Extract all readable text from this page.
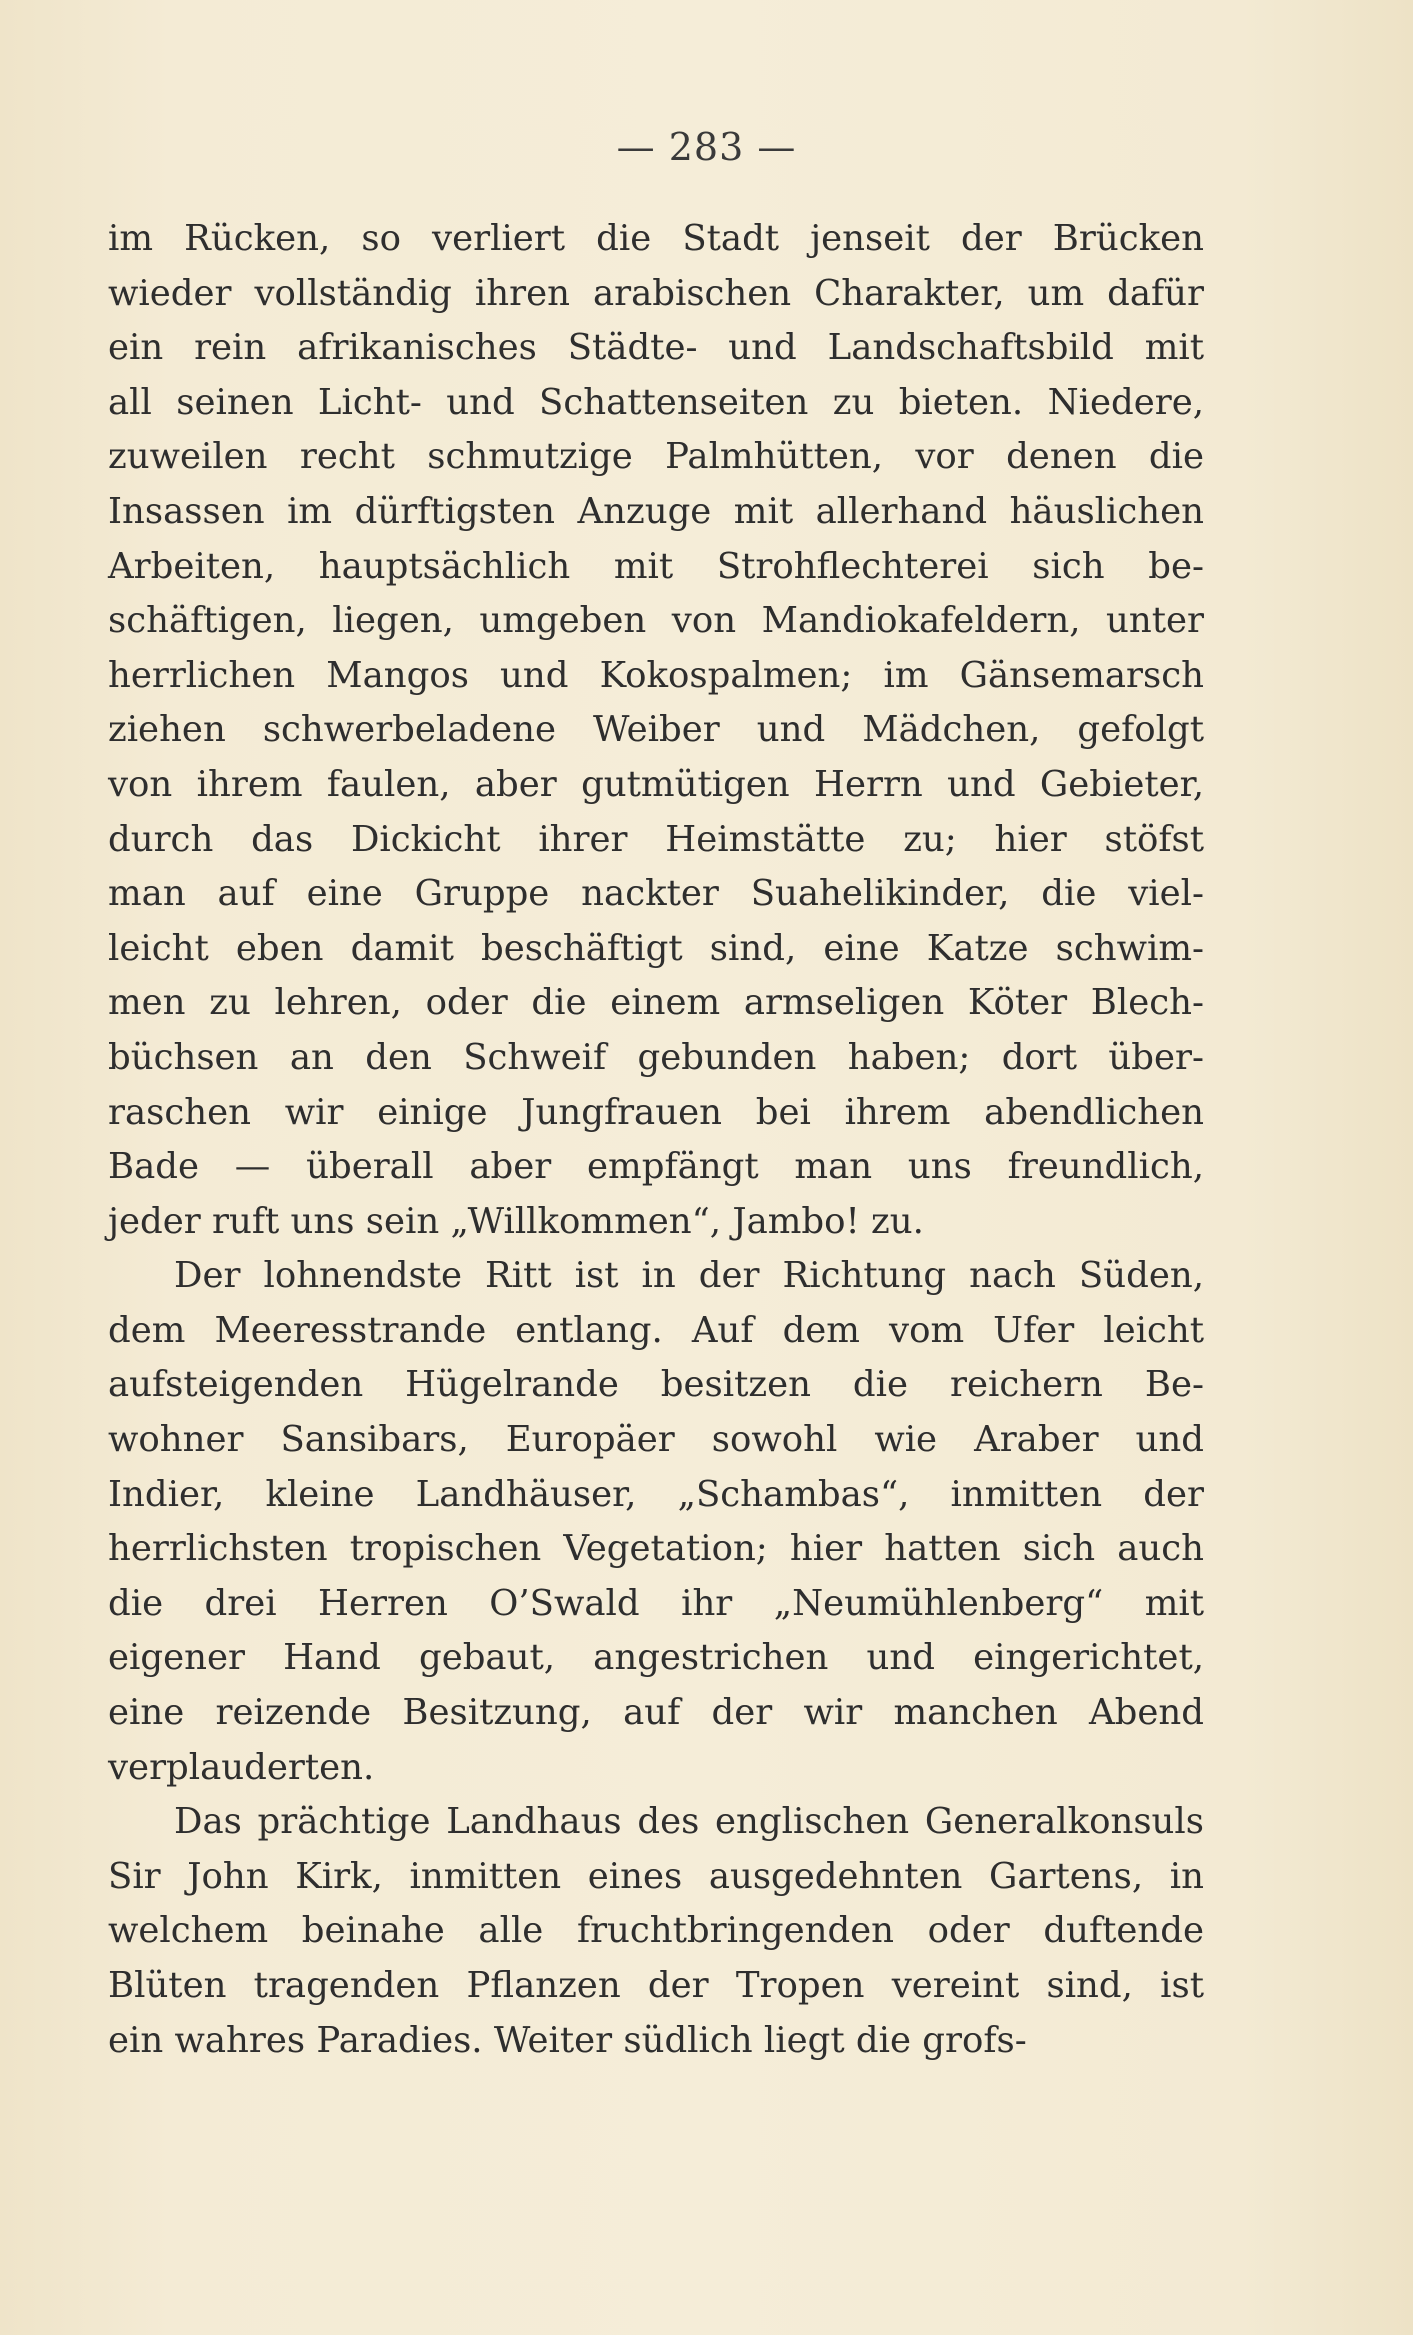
— 283 —
im Rücken, so verliert die Stadt jenseit der Brücken
wieder vollständig ihren arabischen Charakter, um dafür
ein rein afrikanisches Städte- und Landschaftsbild mit
all seinen Licht- und Schattenseiten zu bieten. Niedere,
zuweilen recht schmutzige Palmhütten, vor denen die
Insassen im dürftigsten Anzuge mit allerhand häuslichen
Arbeiten, hauptsächlich mit Strohflechterei sich be-
schäftigen, liegen, umgeben von Mandiokafeldern, unter
herrlichen Mangos und Kokospalmen; im Gänsemarsch
ziehen schwerbeladene Weiber und Mädchen, gefolgt
von ihrem faulen, aber gutmütigen Herrn und Gebieter,
durch das Dickicht ihrer Heimstätte zu; hier stöfst
man auf eine Gruppe nackter Suahelikinder, die viel-
leicht eben damit beschäftigt sind, eine Katze schwim-
men zu lehren, oder die einem armseligen Köter Blech-
büchsen an den Schweif gebunden haben; dort über-
raschen wir einige Jungfrauen bei ihrem abendlichen
Bade — überall aber empfängt man uns freundlich,
jeder ruft uns sein „Willkommen“, Jambo! zu.
Der lohnendste Ritt ist in der Richtung nach Süden,
dem Meeresstrande entlang. Auf dem vom Ufer leicht
aufsteigenden Hügelrande besitzen die reichern Be-
wohner Sansibars, Europäer sowohl wie Araber und
Indier, kleine Landhäuser, „Schambas“, inmitten der
herrlichsten tropischen Vegetation; hier hatten sich auch
die drei Herren O’Swald ihr „Neumühlenberg“ mit
eigener Hand gebaut, angestrichen und eingerichtet,
eine reizende Besitzung, auf der wir manchen Abend
verplauderten.
Das prächtige Landhaus des englischen Generalkonsuls
Sir John Kirk, inmitten eines ausgedehnten Gartens, in
welchem beinahe alle fruchtbringenden oder duftende
Blüten tragenden Pflanzen der Tropen vereint sind, ist
ein wahres Paradies. Weiter südlich liegt die grofs-
